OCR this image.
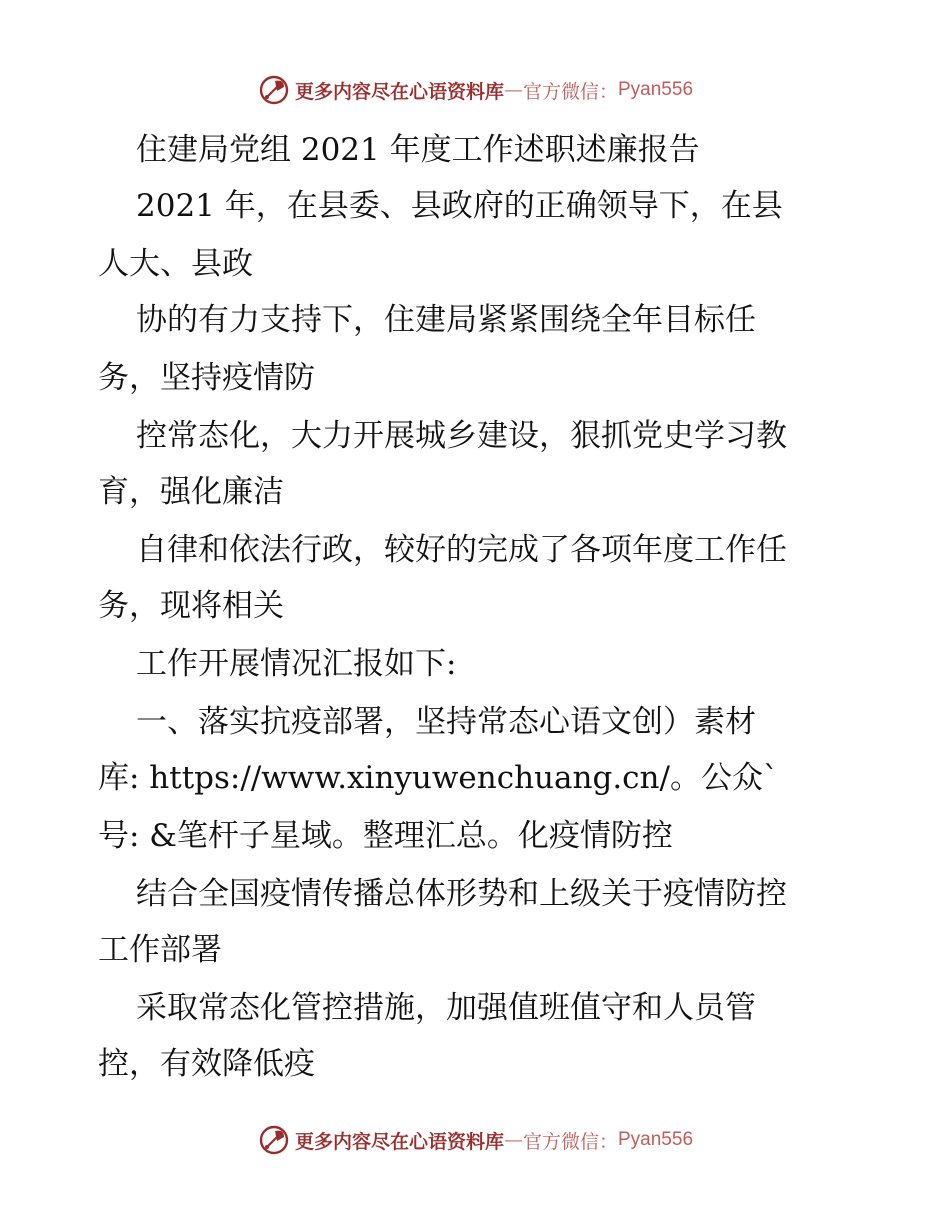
更多内容尽在心语资料库 — 官方微信： Pyan556
住建局党组 2021 年度工作述职述廉报告
2021 年，在县委、县政府的正确领导下，在县
人大、县政
协的有力支持下，住建局紧紧围绕全年目标任
务，坚持疫情防
控常态化，大力开展城乡建设，狠抓党史学习教
育，强化廉洁
自律和依法行政，较好的完成了各项年度工作任
务，现将相关
工作开展情况汇报如下:
一、落实抗疫部署，坚持常态心语文创）素材
库: https://www.xinyuwenchuang.cn/。公众`
号: &笔杆子星域。整理汇总。化疫情防控
结合全国疫情传播总体形势和上级关于疫情防控
工作部署
采取常态化管控措施，加强值班值守和人员管
控，有效降低疫
更多内容尽在心语资料库 — 官方微信： Pyan556
